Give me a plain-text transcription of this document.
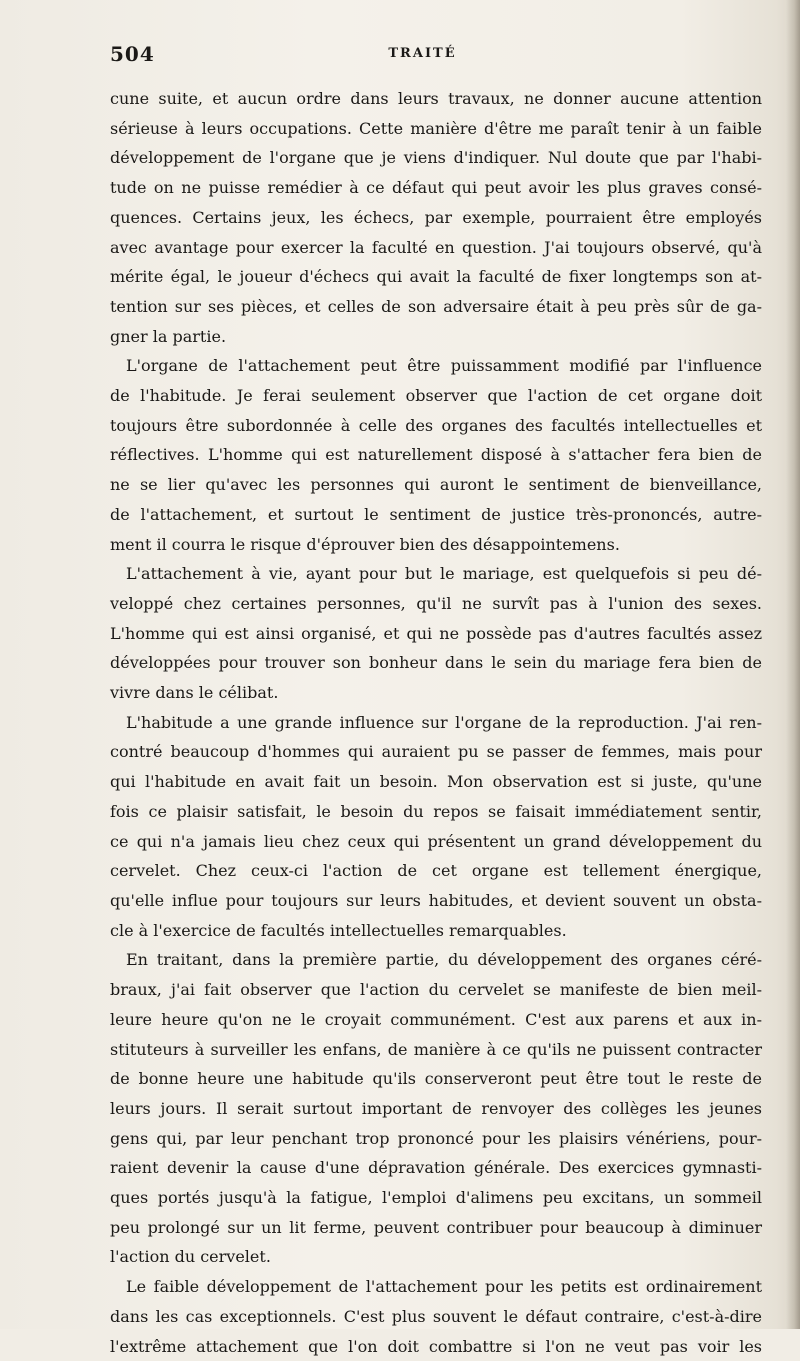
504	TRAITÉ
cune suite, et aucun ordre dans leurs travaux, ne donner aucune attention
sérieuse à leurs occupations. Cette manière d'être me paraît tenir à un faible
développement de l'organe que je viens d'indiquer. Nul doute que par l'habi-
tude on ne puisse remédier à ce défaut qui peut avoir les plus graves consé-
quences. Certains jeux, les échecs, par exemple, pourraient être employés
avec avantage pour exercer la faculté en question. J'ai toujours observé, qu'à
mérite égal, le joueur d'échecs qui avait la faculté de fixer longtemps son at-
tention sur ses pièces, et celles de son adversaire était à peu près sûr de ga-
gner la partie.
L'organe de l'attachement peut être puissamment modifié par l'influence
de l'habitude. Je ferai seulement observer que l'action de cet organe doit
toujours être subordonnée à celle des organes des facultés intellectuelles et
réflectives. L'homme qui est naturellement disposé à s'attacher fera bien de
ne se lier qu'avec les personnes qui auront le sentiment de bienveillance,
de l'attachement, et surtout le sentiment de justice très-prononcés, autre-
ment il courra le risque d'éprouver bien des désappointemens.
L'attachement à vie, ayant pour but le mariage, est quelquefois si peu dé-
veloppé chez certaines personnes, qu'il ne survît pas à l'union des sexes.
L'homme qui est ainsi organisé, et qui ne possède pas d'autres facultés assez
développées pour trouver son bonheur dans le sein du mariage fera bien de
vivre dans le célibat.
L'habitude a une grande influence sur l'organe de la reproduction. J'ai ren-
contré beaucoup d'hommes qui auraient pu se passer de femmes, mais pour
qui l'habitude en avait fait un besoin. Mon observation est si juste, qu'une
fois ce plaisir satisfait, le besoin du repos se faisait immédiatement sentir,
ce qui n'a jamais lieu chez ceux qui présentent un grand développement du
cervelet. Chez ceux-ci l'action de cet organe est tellement énergique,
qu'elle influe pour toujours sur leurs habitudes, et devient souvent un obsta-
cle à l'exercice de facultés intellectuelles remarquables.
En traitant, dans la première partie, du développement des organes céré-
braux, j'ai fait observer que l'action du cervelet se manifeste de bien meil-
leure heure qu'on ne le croyait communément. C'est aux parens et aux in-
stituteurs à surveiller les enfans, de manière à ce qu'ils ne puissent contracter
de bonne heure une habitude qu'ils conserveront peut être tout le reste de
leurs jours. Il serait surtout important de renvoyer des collèges les jeunes
gens qui, par leur penchant trop prononcé pour les plaisirs vénériens, pour-
raient devenir la cause d'une dépravation générale. Des exercices gymnasti-
ques portés jusqu'à la fatigue, l'emploi d'alimens peu excitans, un sommeil
peu prolongé sur un lit ferme, peuvent contribuer pour beaucoup à diminuer
l'action du cervelet.
Le faible développement de l'attachement pour les petits est ordinairement
dans les cas exceptionnels. C'est plus souvent le défaut contraire, c'est-à-dire
l'extrême attachement que l'on doit combattre si l'on ne veut pas voir les
